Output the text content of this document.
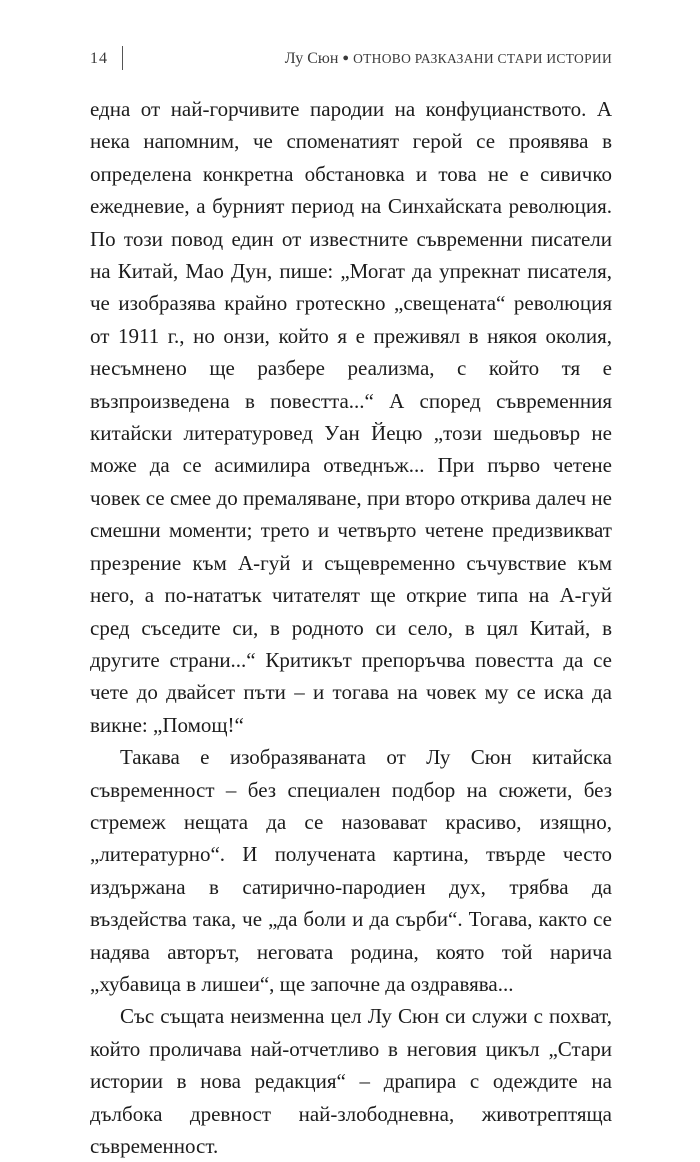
14	Лу Сюн ● ОТНОВО РАЗКАЗАНИ СТАРИ ИСТОРИИ

една от най-горчивите пародии на конфуцианството. А нека напомним, че споменатият герой се проявява в определена конкретна обстановка и това не е сивичко ежедневие, а бурният период на Синхайската революция. По този повод един от известните съвременни писатели на Китай, Мао Дун, пише: „Могат да упрекнат писателя, че изобразява крайно гротескно „свещената“ революция от 1911 г., но онзи, който я е преживял в някоя околия, несъмнено ще разбере реализма, с който тя е възпроизведена в повестта...“ А според съвременния китайски литературовед Уан Йецю „този шедьовър не може да се асимилира отведнъж... При първо четене човек се смее до премаляване, при второ открива далеч не смешни моменти; трето и четвърто четене предизвикват презрение към А-гуй и същевременно съчувствие към него, а по-нататък читателят ще открие типа на А-гуй сред съседите си, в родното си село, в цял Китай, в другите страни...“ Критикът препоръчва повестта да се чете до двайсет пъти – и тогава на човек му се иска да викне: „Помощ!“

Такава е изобразяваната от Лу Сюн китайска съвременност – без специален подбор на сюжети, без стремеж нещата да се назовават красиво, изящно, „литературно“. И получената картина, твърде често издържана в сатирично-пародиен дух, трябва да въздейства така, че „да боли и да сърби“. Тогава, както се надява авторът, неговата родина, която той нарича „хубавица в лишеи“, ще започне да оздравява...

Със същата неизменна цел Лу Сюн си служи с похват, който проличава най-отчетливо в неговия цикъл „Стари истории в нова редакция“ – драпира с одеждите на дълбока древност най-злободневна, животрептяща съвременност.
